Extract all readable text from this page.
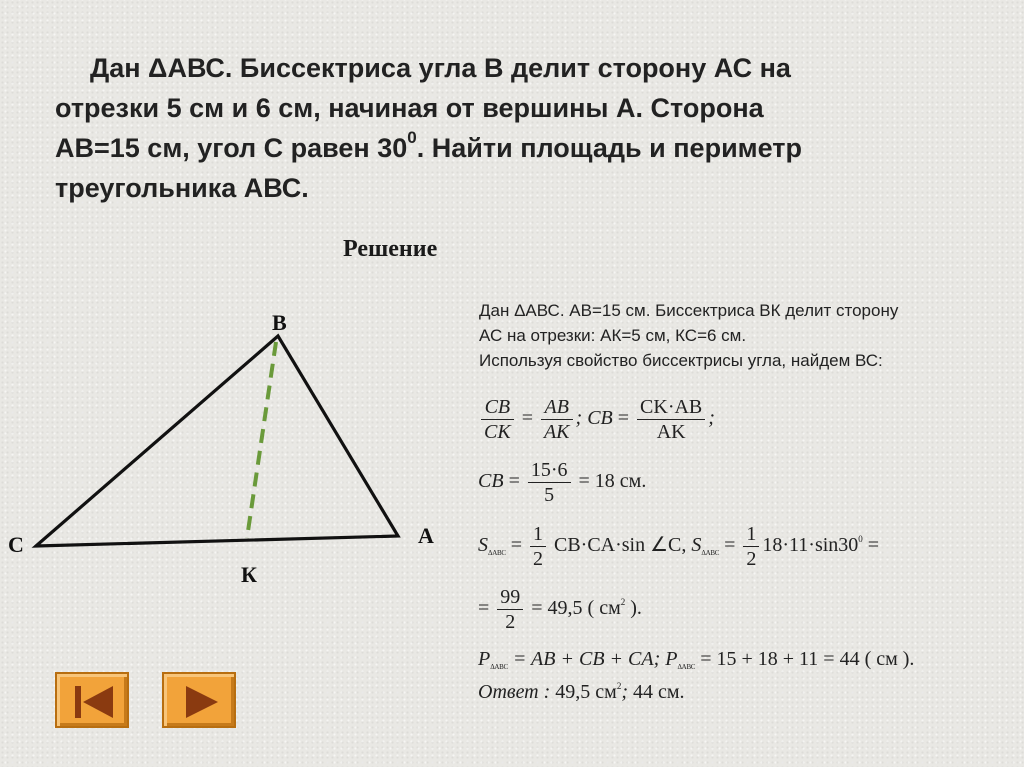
Дан ΔАВС. Биссектриса угла В делит сторону АС на
отрезки 5 см и 6 см, начиная от вершины А. Сторона
АВ=15 см, угол С равен $30^0$. Найти площадь и периметр
треугольника АВС.
Решение
В
А
С
К
Дан ΔАВС. АВ=15 см. Биссектриса ВК делит сторону
АС на отрезки: АК=5 см, КС=6 см.
Используя свойство биссектрисы угла, найдем ВС:
$\frac{CB}{CK} = \frac{AB}{AK}$ ; CB = $\frac{CK\cdot AB}{AK}$ ;
CB = $\frac{15\cdot 6}{5} = 18$ см.
$S_{\Delta ABC} = \frac{1}{2} CB\cdot CA\cdot\sin$ ∠C, $S_{\Delta ABC} = \frac{1}{2} 18\cdot 11\cdot\sin 30^0$ =
= $\frac{99}{2} = 49,5$ ( $см^2$ ).
$P_{\Delta ABC}$ = AB + CB + CA; $P_{\Delta ABC} = 15 + 18 + 11 = 44$ ( см ).
Ответ : 49,5 $см^2$; 44 см.
